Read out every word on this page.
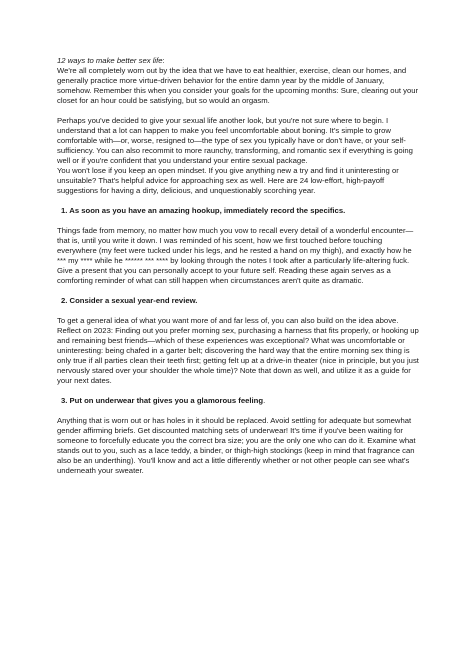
12 ways to make better sex life:

We're all completely worn out by the idea that we have to eat healthier, exercise, clean our homes, and generally practice more virtue-driven behavior for the entire damn year by the middle of January, somehow. Remember this when you consider your goals for the upcoming months: Sure, clearing out your closet for an hour could be satisfying, but so would an orgasm.

Perhaps you've decided to give your sexual life another look, but you're not sure where to begin. I understand that a lot can happen to make you feel uncomfortable about boning. It's simple to grow comfortable with—or, worse, resigned to—the type of sex you typically have or don't have, or your self-sufficiency. You can also recommit to more raunchy, transforming, and romantic sex if everything is going well or if you're confident that you understand your entire sexual package.

You won't lose if you keep an open mindset. If you give anything new a try and find it uninteresting or unsuitable? That's helpful advice for approaching sex as well. Here are 24 low-effort, high-payoff suggestions for having a dirty, delicious, and unquestionably scorching year.

1. As soon as you have an amazing hookup, immediately record the specifics.

Things fade from memory, no matter how much you vow to recall every detail of a wonderful encounter—that is, until you write it down. I was reminded of his scent, how we first touched before touching everywhere (my feet were tucked under his legs, and he rested a hand on my thigh), and exactly how he *** my **** while he ****** *** **** by looking through the notes I took after a particularly life-altering fuck. Give a present that you can personally accept to your future self. Reading these again serves as a comforting reminder of what can still happen when circumstances aren't quite as dramatic.

2. Consider a sexual year-end review.

To get a general idea of what you want more of and far less of, you can also build on the idea above. Reflect on 2023: Finding out you prefer morning sex, purchasing a harness that fits properly, or hooking up and remaining best friends—which of these experiences was exceptional? What was uncomfortable or uninteresting: being chafed in a garter belt; discovering the hard way that the entire morning sex thing is only true if all parties clean their teeth first; getting felt up at a drive-in theater (nice in principle, but you just nervously stared over your shoulder the whole time)? Note that down as well, and utilize it as a guide for your next dates.

3. Put on underwear that gives you a glamorous feeling.

Anything that is worn out or has holes in it should be replaced. Avoid settling for adequate but somewhat gender affirming briefs. Get discounted matching sets of underwear! It's time if you've been waiting for someone to forcefully educate you the correct bra size; you are the only one who can do it. Examine what stands out to you, such as a lace teddy, a binder, or thigh-high stockings (keep in mind that fragrance can also be an underthing). You'll know and act a little differently whether or not other people can see what's underneath your sweater.
